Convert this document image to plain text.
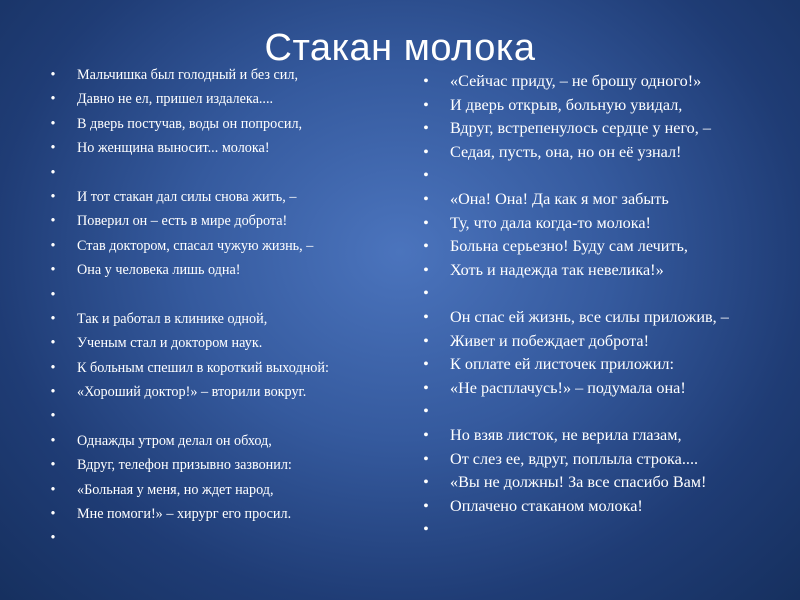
Стакан молока
• Мальчишка был голодный и без сил,
• Давно не ел, пришел издалека....
• В дверь постучав, воды он попросил,
• Но женщина выносит... молока!
•
• И тот стакан дал силы снова жить, –
• Поверил он – есть в мире доброта!
• Став доктором, спасал чужую жизнь, –
• Она у человека лишь одна!
•
• Так и работал в клинике одной,
• Ученым стал и доктором наук.
• К больным спешил в короткий выходной:
• «Хороший доктор!» – вторили вокруг.
•
• Однажды утром делал он обход,
• Вдруг, телефон призывно зазвонил:
• «Больная у меня, но ждет народ,
• Мне помоги!» – хирург его просил.
•
• «Сейчас приду, – не брошу одного!»
• И дверь открыв, больную увидал,
• Вдруг, встрепенулось сердце у него, –
• Седая, пусть, она, но он её узнал!
•
• «Она! Она! Да как я мог забыть
• Ту, что дала когда-то молока!
• Больна серьезно! Буду сам лечить,
• Хоть и надежда так невелика!»
•
• Он спас ей жизнь, все силы приложив, –
• Живет и побеждает доброта!
• К оплате ей листочек приложил:
• «Не расплачусь!» – подумала она!
•
• Но взяв листок, не верила глазам,
• От слез ее, вдруг, поплыла строка....
• «Вы не должны! За все спасибо Вам!
• Оплачено стаканом молока!
•
